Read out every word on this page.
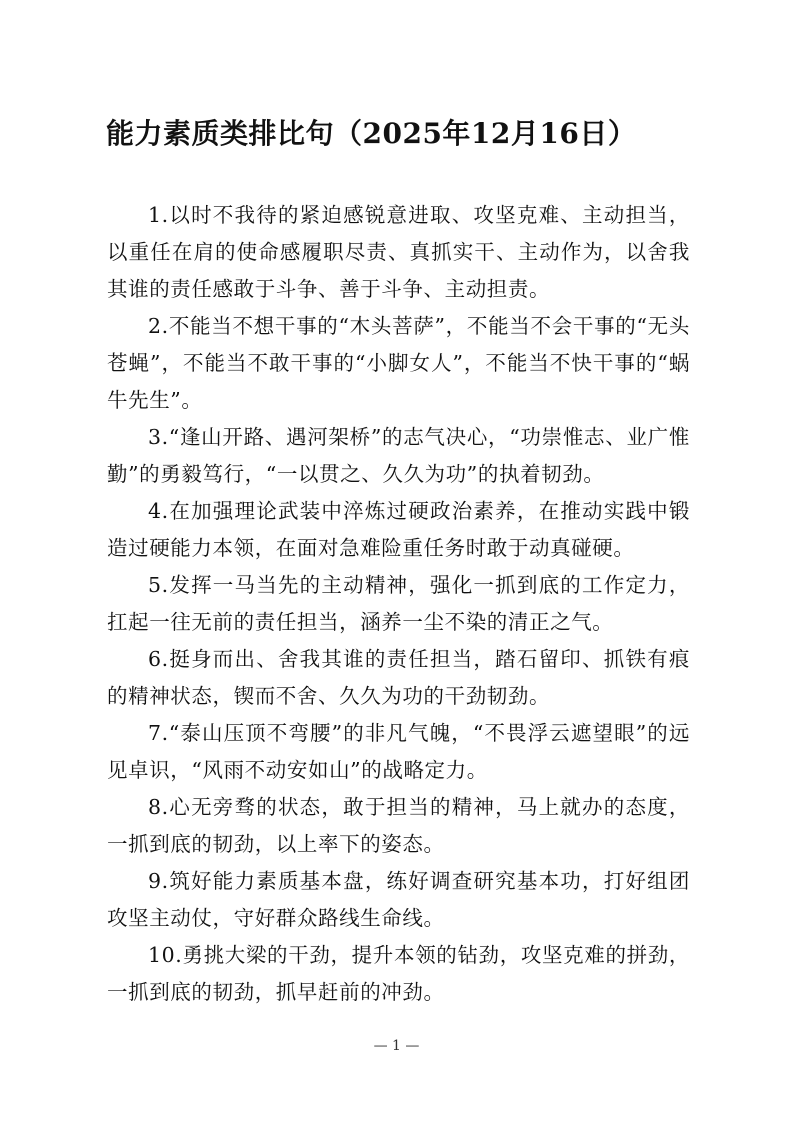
能力素质类排比句（2025年12月16日）

1.以时不我待的紧迫感锐意进取、攻坚克难、主动担当，以重任在肩的使命感履职尽责、真抓实干、主动作为，以舍我其谁的责任感敢于斗争、善于斗争、主动担责。

2.不能当不想干事的“木头菩萨”，不能当不会干事的“无头苍蝇”，不能当不敢干事的“小脚女人”，不能当不快干事的“蜗牛先生”。

3.“逢山开路、遇河架桥”的志气决心，“功崇惟志、业广惟勤”的勇毅笃行，“一以贯之、久久为功”的执着韧劲。

4.在加强理论武装中淬炼过硬政治素养，在推动实践中锻造过硬能力本领，在面对急难险重任务时敢于动真碰硬。

5.发挥一马当先的主动精神，强化一抓到底的工作定力，扛起一往无前的责任担当，涵养一尘不染的清正之气。

6.挺身而出、舍我其谁的责任担当，踏石留印、抓铁有痕的精神状态，锲而不舍、久久为功的干劲韧劲。

7.“泰山压顶不弯腰”的非凡气魄，“不畏浮云遮望眼”的远见卓识，“风雨不动安如山”的战略定力。

8.心无旁骛的状态，敢于担当的精神，马上就办的态度，一抓到底的韧劲，以上率下的姿态。

9.筑好能力素质基本盘，练好调查研究基本功，打好组团攻坚主动仗，守好群众路线生命线。

10.勇挑大梁的干劲，提升本领的钻劲，攻坚克难的拼劲，一抓到底的韧劲，抓早赶前的冲劲。

— 1 —
